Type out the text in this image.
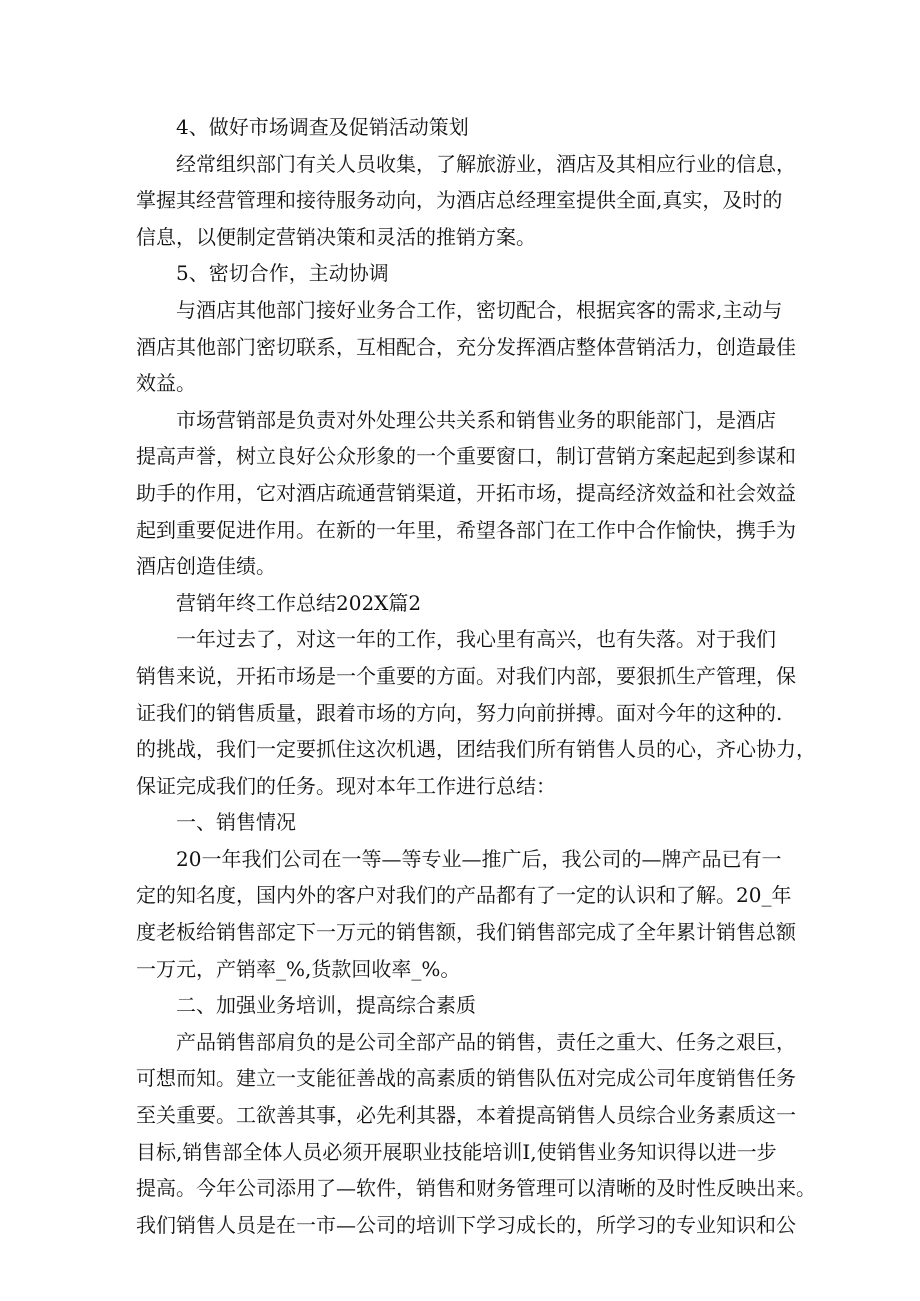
4、做好市场调查及促销活动策划
经常组织部门有关人员收集，了解旅游业，酒店及其相应行业的信息，
掌握其经营管理和接待服务动向，为酒店总经理室提供全面,真实，及时的
信息，以便制定营销决策和灵活的推销方案。
5、密切合作，主动协调
与酒店其他部门接好业务合工作，密切配合，根据宾客的需求,主动与
酒店其他部门密切联系，互相配合，充分发挥酒店整体营销活力，创造最佳
效益。
市场营销部是负责对外处理公共关系和销售业务的职能部门，是酒店
提高声誉，树立良好公众形象的一个重要窗口，制订营销方案起起到参谋和
助手的作用，它对酒店疏通营销渠道，开拓市场，提高经济效益和社会效益
起到重要促进作用。在新的一年里，希望各部门在工作中合作愉快，携手为
酒店创造佳绩。
营销年终工作总结202X篇2
一年过去了，对这一年的工作，我心里有高兴，也有失落。对于我们
销售来说，开拓市场是一个重要的方面。对我们内部，要狠抓生产管理，保
证我们的销售质量，跟着市场的方向，努力向前拼搏。面对今年的这种的.
的挑战，我们一定要抓住这次机遇，团结我们所有销售人员的心，齐心协力，
保证完成我们的任务。现对本年工作进行总结：
一、销售情况
20一年我们公司在一等—等专业—推广后，我公司的—牌产品已有一
定的知名度，国内外的客户对我们的产品都有了一定的认识和了解。20_年
度老板给销售部定下一万元的销售额，我们销售部完成了全年累计销售总额
一万元，产销率_%,货款回收率_%。
二、加强业务培训，提高综合素质
产品销售部肩负的是公司全部产品的销售，责任之重大、任务之艰巨，
可想而知。建立一支能征善战的高素质的销售队伍对完成公司年度销售任务
至关重要。工欲善其事，必先利其器，本着提高销售人员综合业务素质这一
目标,销售部全体人员必须开展职业技能培训I,使销售业务知识得以进一步
提高。今年公司添用了—软件，销售和财务管理可以清晰的及时性反映出来。
我们销售人员是在一市—公司的培训下学习成长的，所学习的专业知识和公
